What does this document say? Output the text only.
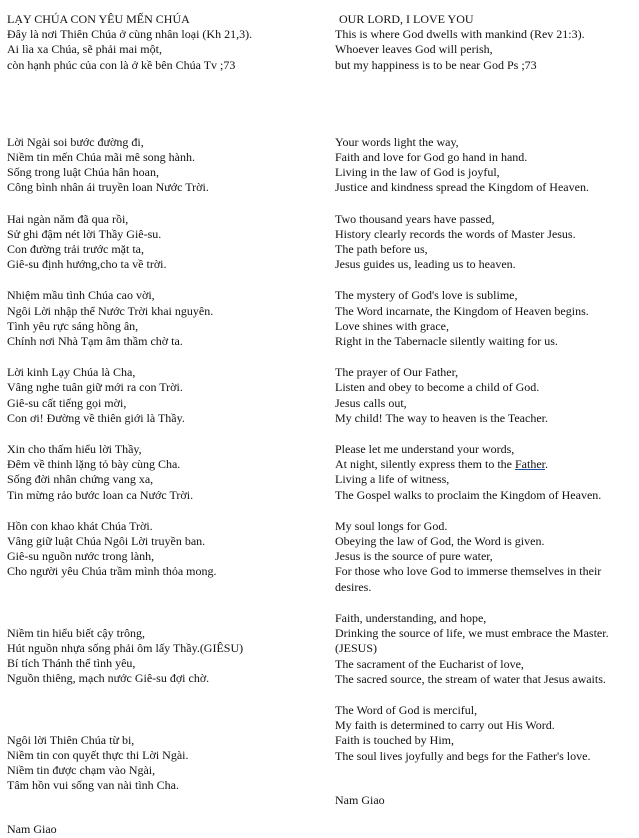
LẠY CHÚA CON YÊU MẾN CHÚA
Đây là nơi Thiên Chúa ở cùng nhân loại (Kh 21,3).
Ai lìa xa Chúa, sẽ phải mai một,
còn hạnh phúc của con là ở kề bên Chúa Tv ;73
Lời Ngài soi bước đường đi,
Niềm tin mến Chúa mãi mê song hành.
Sống trong luật Chúa hân hoan,
Công bình nhân ái truyền loan Nước Trời.
Hai ngàn năm đã qua rồi,
Sử ghi đậm nét lời Thầy Giê-su.
Con đường trải trước mặt ta,
Giê-su định hướng,cho ta về trời.
Nhiệm mầu tình Chúa cao vời,
Ngôi Lời nhập thể Nước Trời khai nguyên.
Tình yêu rực sáng hồng ân,
Chính nơi Nhà Tạm âm thầm chờ ta.
Lời kinh Lạy Chúa là Cha,
Vâng nghe tuân giữ mới ra con Trời.
Giê-su cất tiếng gọi mời,
Con ơi! Đường về thiên giới là Thầy.
Xin cho thấm hiểu lời Thầy,
Đêm về thinh lặng tỏ bày cùng Cha.
Sống đời nhân chứng vang xa,
Tin mừng rảo bước loan ca Nước Trời.
Hồn con khao khát Chúa Trời.
Vâng giữ luật Chúa Ngôi Lời truyền ban.
Giê-su nguồn nước trong lành,
Cho người yêu Chúa trầm mình thỏa mong.
Niềm tin hiểu biết cậy trông,
Hút nguồn nhựa sống phải ôm lấy Thầy.(GIÊSU)
Bí tích Thánh thể tình yêu,
Nguồn thiêng, mạch nước Giê-su đợi chờ.
Ngôi lời Thiên Chúa từ bi,
Niềm tin con quyết thực thi Lời Ngài.
Niềm tin được chạm vào Ngài,
Tâm hồn vui sống van nài tình Cha.
Nam Giao
OUR LORD, I LOVE YOU
This is where God dwells with mankind (Rev 21:3).
Whoever leaves God will perish,
but my happiness is to be near God Ps ;73
Your words light the way,
Faith and love for God go hand in hand.
Living in the law of God is joyful,
Justice and kindness spread the Kingdom of Heaven.
Two thousand years have passed,
History clearly records the words of Master Jesus.
The path before us,
Jesus guides us, leading us to heaven.
The mystery of God's love is sublime,
The Word incarnate, the Kingdom of Heaven begins.
Love shines with grace,
Right in the Tabernacle silently waiting for us.
The prayer of Our Father,
Listen and obey to become a child of God.
Jesus calls out,
My child! The way to heaven is the Teacher.
Please let me understand your words,
At night, silently express them to the Father.
Living a life of witness,
The Gospel walks to proclaim the Kingdom of Heaven.
My soul longs for God.
Obeying the law of God, the Word is given.
Jesus is the source of pure water,
For those who love God to immerse themselves in their desires.
Faith, understanding, and hope,
Drinking the source of life, we must embrace the Master. (JESUS)
The sacrament of the Eucharist of love,
The sacred source, the stream of water that Jesus awaits.
The Word of God is merciful,
My faith is determined to carry out His Word.
Faith is touched by Him,
The soul lives joyfully and begs for the Father's love.
Nam Giao
